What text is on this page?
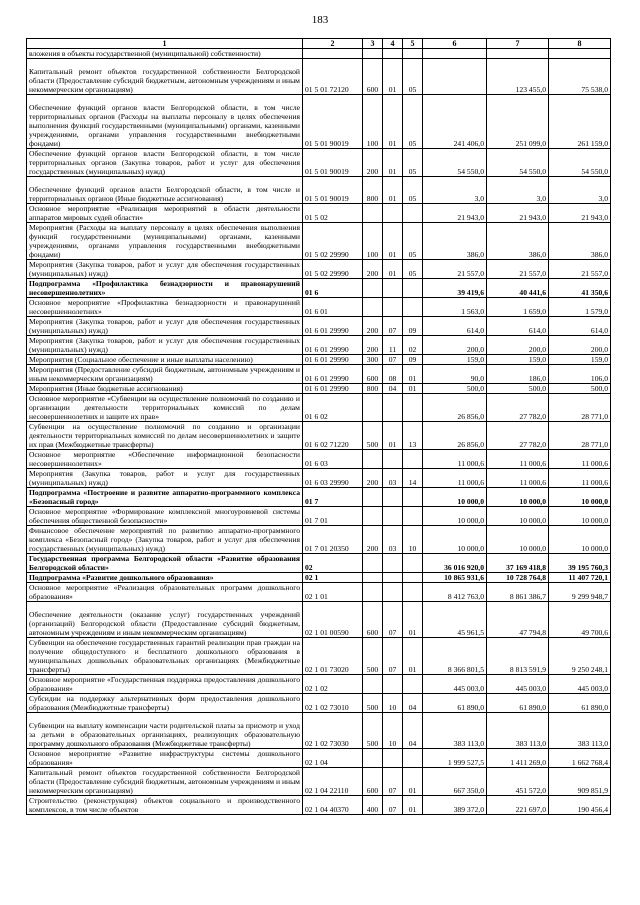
183
1	2	3	4	5	6	7	8
вложения в объекты государственной (муниципальной) собственности)							
Капитальный ремонт объектов государственной собственности Белгородской области (Предоставление субсидий бюджетным, автономным учреждениям и иным некоммерческим организациям)	01 5 01 72120	600	01	05		123 455,0	75 538,0
Обеспечение функций органов власти Белгородской области, в том числе территориальных органов (Расходы на выплаты персоналу в целях обеспечения выполнения функций государственными (муниципальными) органами, казенными учреждениями, органами управления государственными внебюджетными фондами)	01 5 01 90019	100	01	05	241 406,0	251 099,0	261 159,0
Обеспечение функций органов власти Белгородской области, в том числе территориальных органов (Закупка товаров, работ и услуг для обеспечения государственных (муниципальных) нужд)	01 5 01 90019	200	01	05	54 550,0	54 550,0	54 550,0
Обеспечение функций органов власти Белгородской области, в том числе и территориальных органов (Иные бюджетные ассигнования)	01 5 01 90019	800	01	05	3,0	3,0	3,0
Основное мероприятие «Реализация мероприятий в области деятельности аппаратов мировых судей области»	01 5 02				21 943,0	21 943,0	21 943,0
Мероприятия (Расходы на выплату персоналу в целях обеспечения выполнения функций государственными (муниципальными) органами, казенными учреждениями, органами управления государственными внебюджетными фондами)	01 5 02 29990	100	01	05	386,0	386,0	386,0
Мероприятия (Закупка товаров, работ и услуг для обеспечения государственных (муниципальных) нужд)	01 5 02 29990	200	01	05	21 557,0	21 557,0	21 557,0
Подпрограмма «Профилактика безнадзорности и правонарушений несовершеннолетних»	01 6				39 419,6	40 441,6	41 350,6
Основное мероприятие «Профилактика безнадзорности и правонарушений несовершеннолетних»	01 6 01				1 563,0	1 659,0	1 579,0
Мероприятия (Закупка товаров, работ и услуг для обеспечения государственных (муниципальных) нужд)	01 6 01 29990	200	07	09	614,0	614,0	614,0
Мероприятия (Закупка товаров, работ и услуг для обеспечения государственных (муниципальных) нужд)	01 6 01 29990	200	11	02	200,0	200,0	200,0
Мероприятия (Социальное обеспечение и иные выплаты населению)	01 6 01 29990	300	07	09	159,0	159,0	159,0
Мероприятия (Предоставление субсидий бюджетным, автономным учреждениям и иным некоммерческим организациям)	01 6 01 29990	600	08	01	90,0	186,0	106,0
Мероприятия (Иные бюджетные ассигнования)	01 6 01 29990	800	04	01	500,0	500,0	500,0
Основное мероприятие «Субвенции на осуществление полномочий по созданию и организации деятельности территориальных комиссий по делам несовершеннолетних и защите их прав»	01 6 02				26 856,0	27 782,0	28 771,0
Субвенции на осуществление полномочий по созданию и организации деятельности территориальных комиссий по делам несовершеннолетних и защите их прав (Межбюджетные трансферты)	01 6 02 71220	500	01	13	26 856,0	27 782,0	28 771,0
Основное мероприятие «Обеспечение информационной безопасности несовершеннолетних»	01 6 03				11 000,6	11 000,6	11 000,6
Мероприятия (Закупка товаров, работ и услуг для государственных (муниципальных) нужд)	01 6 03 29990	200	03	14	11 000,6	11 000,6	11 000,6
Подпрограмма «Построение и развитие аппаратно-программного комплекса «Безопасный город»	01 7				10 000,0	10 000,0	10 000,0
Основное мероприятие «Формирование комплексной многоуровневой системы обеспечения общественной безопасности»	01 7 01				10 000,0	10 000,0	10 000,0
Финансовое обеспечение мероприятий по развитию аппаратно-программного комплекса «Безопасный город» (Закупка товаров, работ и услуг для обеспечения государственных (муниципальных) нужд)	01 7 01 20350	200	03	10	10 000,0	10 000,0	10 000,0
Государственная программа Белгородской области «Развитие образования Белгородской области»	02				36 016 920,0	37 169 418,8	39 195 760,3
Подпрограмма «Развитие дошкольного образования»	02 1				10 865 931,6	10 728 764,8	11 407 720,1
Основное мероприятие «Реализация образовательных программ дошкольного образования»	02 1 01				8 412 763,0	8 861 386,7	9 299 948,7
Обеспечение деятельности (оказание услуг) государственных учреждений (организаций) Белгородской области (Предоставление субсидий бюджетным, автономным учреждениям и иным некоммерческим организациям)	02 1 01 00590	600	07	01	45 961,5	47 794,8	49 700,6
Субвенции на обеспечение государственных гарантий реализации прав граждан на получение общедоступного и бесплатного дошкольного образования в муниципальных дошкольных образовательных организациях (Межбюджетные трансферты)	02 1 01 73020	500	07	01	8 366 801,5	8 813 591,9	9 250 248,1
Основное мероприятие «Государственная поддержка предоставления дошкольного образования»	02 1 02				445 003,0	445 003,0	445 003,0
Субсидии на поддержку альтернативных форм предоставления дошкольного образования (Межбюджетные трансферты)	02 1 02 73010	500	10	04	61 890,0	61 890,0	61 890,0
Субвенции на выплату компенсации части родительской платы за присмотр и уход за детьми в образовательных организациях, реализующих образовательную программу дошкольного образования (Межбюджетные трансферты)	02 1 02 73030	500	10	04	383 113,0	383 113,0	383 113,0
Основное мероприятие «Развитие инфраструктуры системы дошкольного образования»	02 1 04				1 999 527,5	1 411 269,0	1 662 768,4
Капитальный ремонт объектов государственной собственности Белгородской области (Предоставление субсидий бюджетным, автономным учреждениям и иным некоммерческим организациям)	02 1 04 22110	600	07	01	667 350,0	451 572,0	909 851,9
Строительство (реконструкция) объектов социального и производственного комплексов, в том числе объектов	02 1 04 40370	400	07	01	389 372,0	221 697,0	190 456,4
